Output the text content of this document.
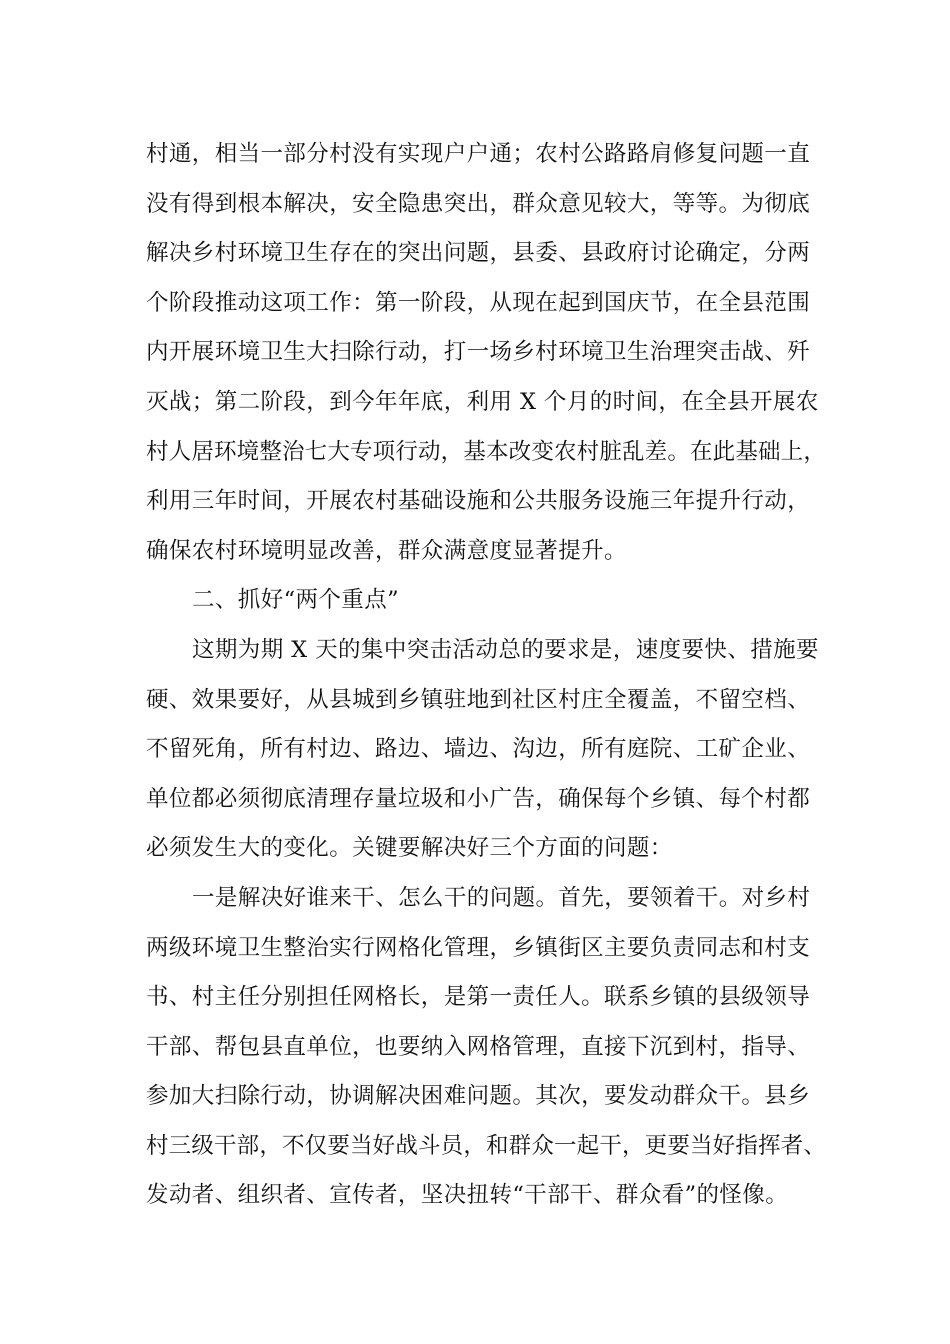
村通，相当一部分村没有实现户户通；农村公路路肩修复问题一直
没有得到根本解决，安全隐患突出，群众意见较大，等等。为彻底
解决乡村环境卫生存在的突出问题，县委、县政府讨论确定，分两
个阶段推动这项工作：第一阶段，从现在起到国庆节，在全县范围
内开展环境卫生大扫除行动，打一场乡村环境卫生治理突击战、歼
灭战；第二阶段，到今年年底，利用 X 个月的时间，在全县开展农
村人居环境整治七大专项行动，基本改变农村脏乱差。在此基础上，
利用三年时间，开展农村基础设施和公共服务设施三年提升行动，
确保农村环境明显改善，群众满意度显著提升。
二、抓好“两个重点”
这期为期 X 天的集中突击活动总的要求是，速度要快、措施要
硬、效果要好，从县城到乡镇驻地到社区村庄全覆盖，不留空档、
不留死角，所有村边、路边、墙边、沟边，所有庭院、工矿企业、
单位都必须彻底清理存量垃圾和小广告，确保每个乡镇、每个村都
必须发生大的变化。关键要解决好三个方面的问题：
一是解决好谁来干、怎么干的问题。首先，要领着干。对乡村
两级环境卫生整治实行网格化管理，乡镇街区主要负责同志和村支
书、村主任分别担任网格长，是第一责任人。联系乡镇的县级领导
干部、帮包县直单位，也要纳入网格管理，直接下沉到村，指导、
参加大扫除行动，协调解决困难问题。其次，要发动群众干。县乡
村三级干部，不仅要当好战斗员，和群众一起干，更要当好指挥者、
发动者、组织者、宣传者，坚决扭转“干部干、群众看”的怪像。
